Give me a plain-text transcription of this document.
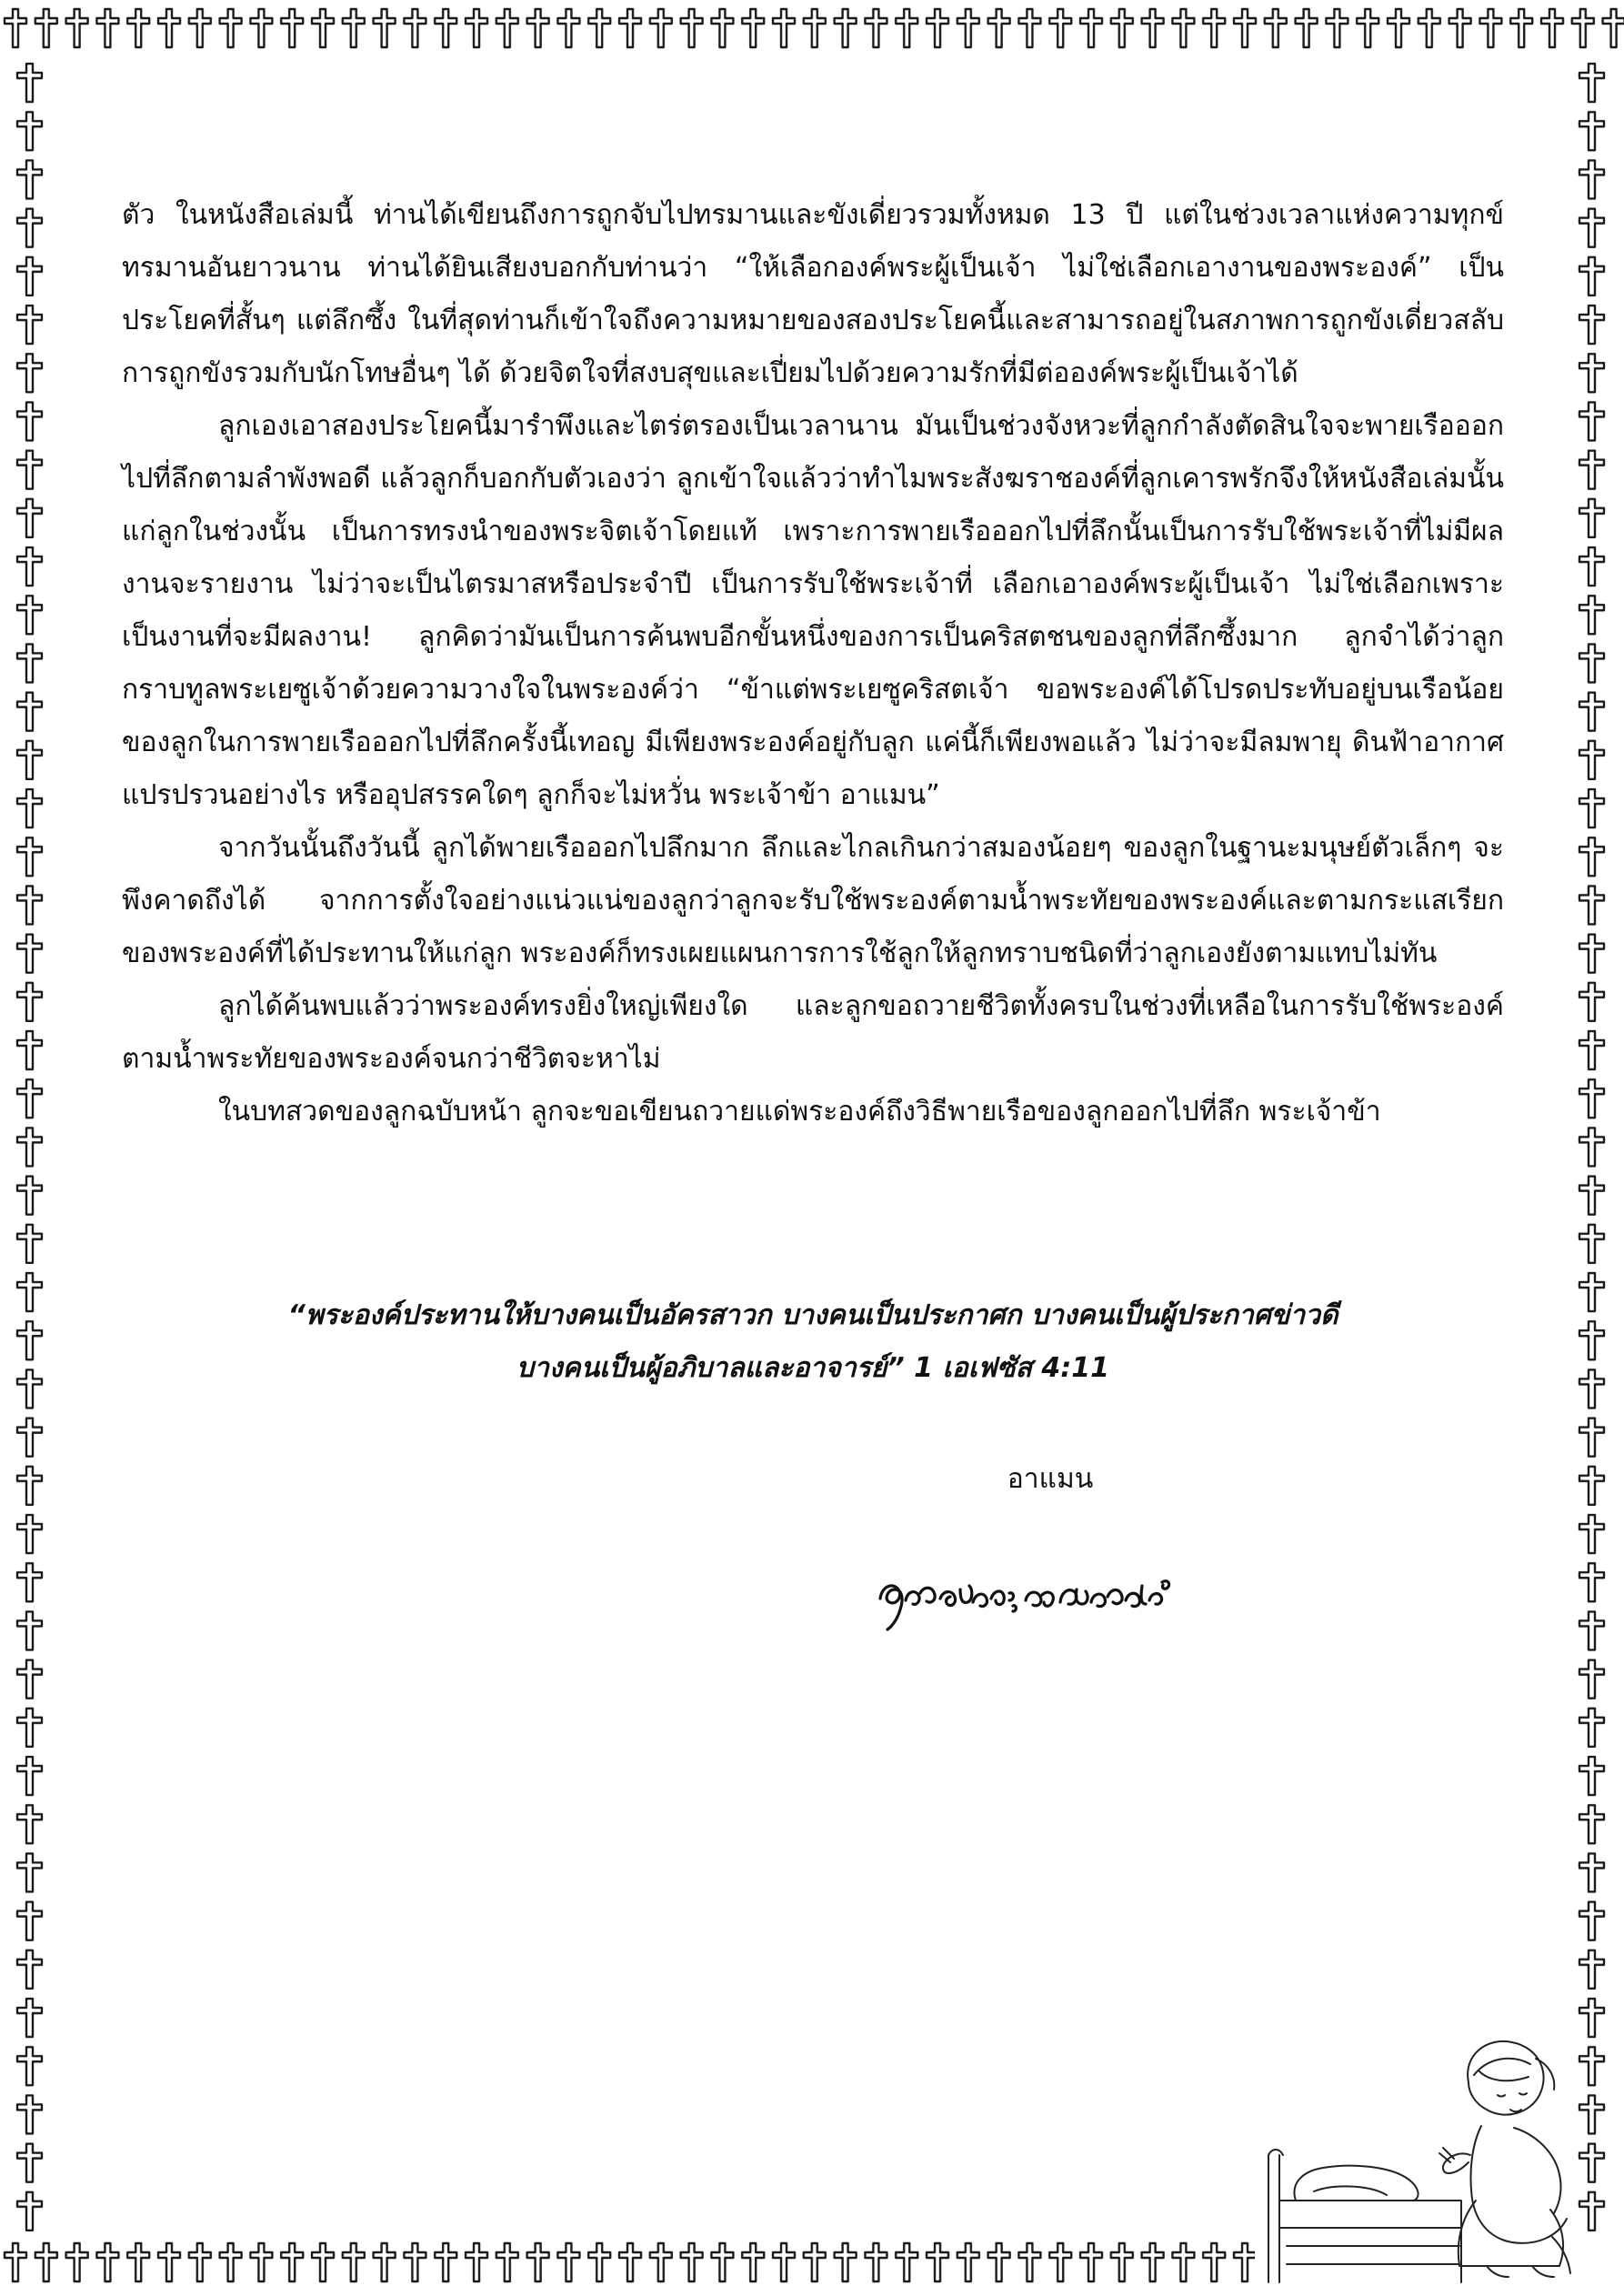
ตัว ในหนังสือเล่มนี้ ท่านได้เขียนถึงการถูกจับไปทรมานและขังเดี่ยวรวมทั้งหมด 13 ปี แต่ในช่วงเวลาแห่งความทุกข์ทรมานอันยาวนาน ท่านได้ยินเสียงบอกกับท่านว่า “ให้เลือกองค์พระผู้เป็นเจ้า ไม่ใช่เลือกเอางานของพระองค์” เป็นประโยคที่สั้นๆ แต่ลึกซึ้ง ในที่สุดท่านก็เข้าใจถึงความหมายของสองประโยคนี้และสามารถอยู่ในสภาพการถูกขังเดี่ยวสลับการถูกขังรวมกับนักโทษอื่นๆ ได้ ด้วยจิตใจที่สงบสุขและเปี่ยมไปด้วยความรักที่มีต่อองค์พระผู้เป็นเจ้าได้

ลูกเองเอาสองประโยคนี้มารำพึงและไตร่ตรองเป็นเวลานาน มันเป็นช่วงจังหวะที่ลูกกำลังตัดสินใจจะพายเรือออกไปที่ลึกตามลำพังพอดี แล้วลูกก็บอกกับตัวเองว่า ลูกเข้าใจแล้วว่าทำไมพระสังฆราชองค์ที่ลูกเคารพรักจึงให้หนังสือเล่มนั้นแก่ลูกในช่วงนั้น เป็นการทรงนำของพระจิตเจ้าโดยแท้ เพราะการพายเรือออกไปที่ลึกนั้นเป็นการรับใช้พระเจ้าที่ไม่มีผลงานจะรายงาน ไม่ว่าจะเป็นไตรมาสหรือประจำปี เป็นการรับใช้พระเจ้าที่ เลือกเอาองค์พระผู้เป็นเจ้า ไม่ใช่เลือกเพราะเป็นงานที่จะมีผลงาน! ลูกคิดว่ามันเป็นการค้นพบอีกขั้นหนึ่งของการเป็นคริสตชนของลูกที่ลึกซึ้งมาก ลูกจำได้ว่าลูกกราบทูลพระเยซูเจ้าด้วยความวางใจในพระองค์ว่า “ข้าแต่พระเยซูคริสตเจ้า ขอพระองค์ได้โปรดประทับอยู่บนเรือน้อยของลูกในการพายเรือออกไปที่ลึกครั้งนี้เทอญ มีเพียงพระองค์อยู่กับลูก แค่นี้ก็เพียงพอแล้ว ไม่ว่าจะมีลมพายุ ดินฟ้าอากาศแปรปรวนอย่างไร หรืออุปสรรคใดๆ ลูกก็จะไม่หวั่น พระเจ้าข้า อาแมน”

จากวันนั้นถึงวันนี้ ลูกได้พายเรือออกไปลึกมาก ลึกและไกลเกินกว่าสมองน้อยๆ ของลูกในฐานะมนุษย์ตัวเล็กๆ จะพึงคาดถึงได้ จากการตั้งใจอย่างแน่วแน่ของลูกว่าลูกจะรับใช้พระองค์ตามน้ำพระทัยของพระองค์และตามกระแสเรียกของพระองค์ที่ได้ประทานให้แก่ลูก พระองค์ก็ทรงเผยแผนการการใช้ลูกให้ลูกทราบชนิดที่ว่าลูกเองยังตามแทบไม่ทัน

ลูกได้ค้นพบแล้วว่าพระองค์ทรงยิ่งใหญ่เพียงใด และลูกขอถวายชีวิตทั้งครบในช่วงที่เหลือในการรับใช้พระองค์ตามน้ำพระทัยของพระองค์จนกว่าชีวิตจะหาไม่

ในบทสวดของลูกฉบับหน้า ลูกจะขอเขียนถวายแด่พระองค์ถึงวิธีพายเรือของลูกออกไปที่ลึก พระเจ้าข้า

“พระองค์ประทานให้บางคนเป็นอัครสาวก บางคนเป็นประกาศก บางคนเป็นผู้ประกาศข่าวดี
บางคนเป็นผู้อภิบาลและอาจารย์” 1 เอเฟซัส 4:11
อาแมน
